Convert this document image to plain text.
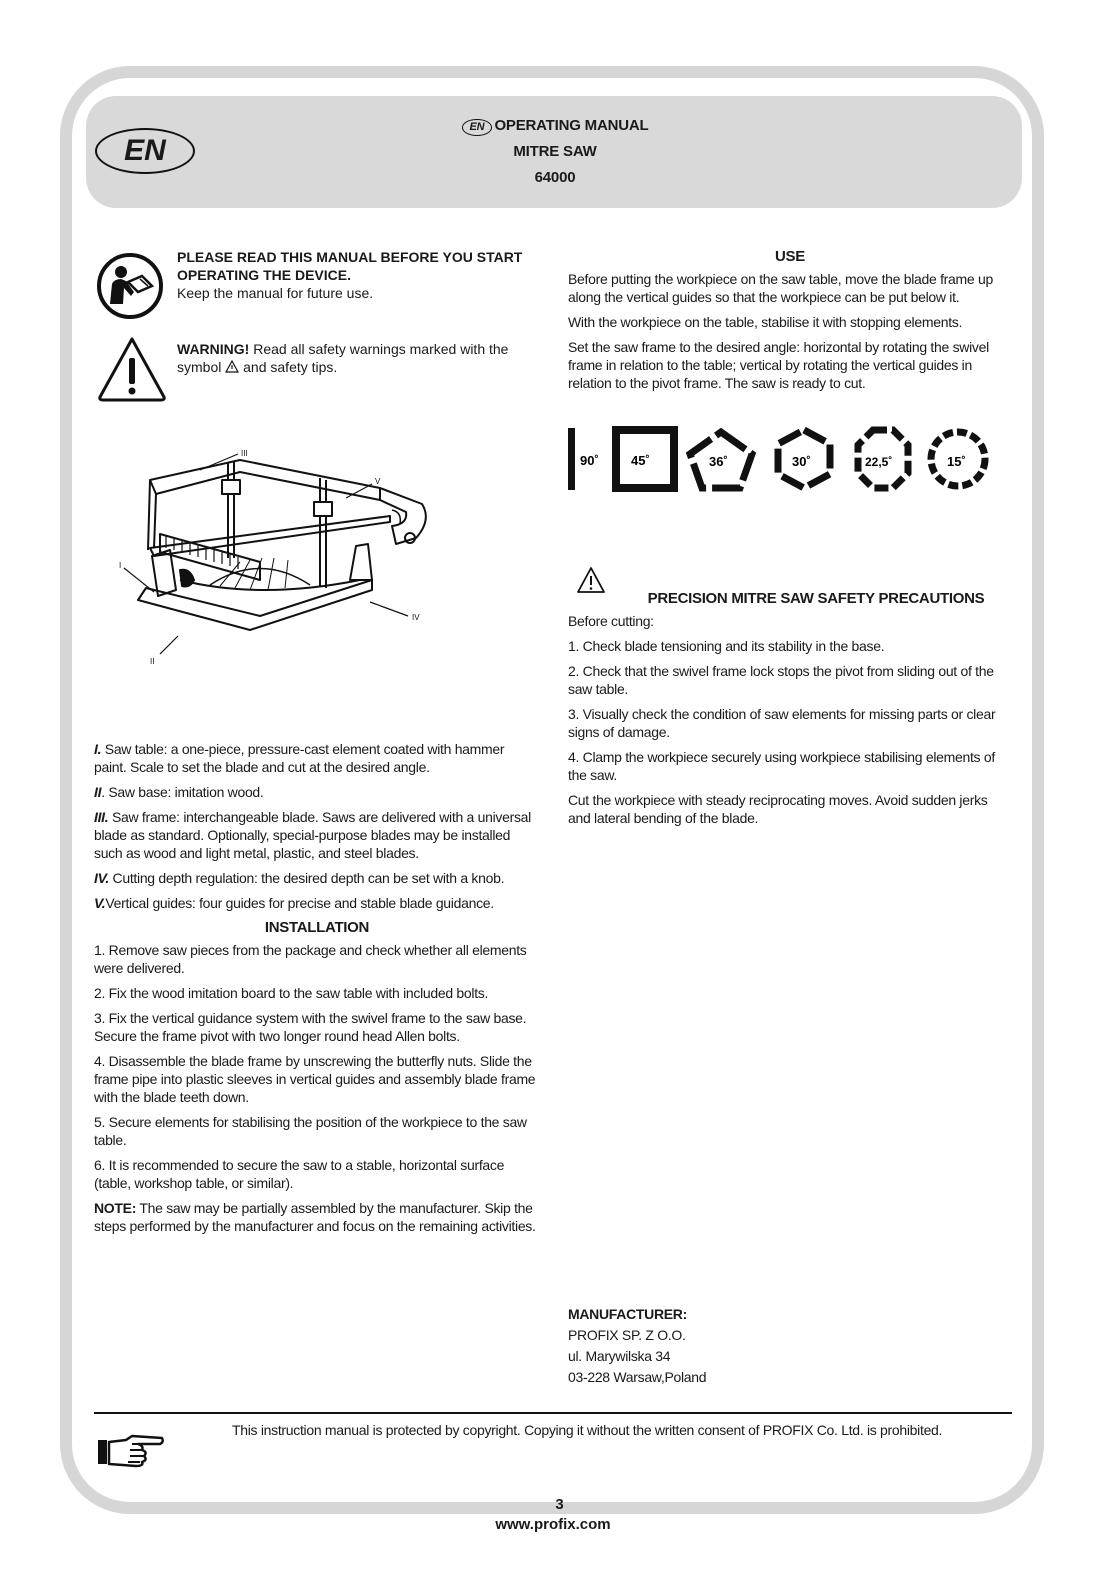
EN
EN OPERATING MANUAL
MITRE SAW
64000
PLEASE READ THIS MANUAL BEFORE YOU START OPERATING THE DEVICE.
Keep the manual for future use.
WARNING! Read all safety warnings marked with the symbol and safety tips.
III
V
I
II
IV

I. Saw table: a one-piece, pressure-cast element coated with hammer paint. Scale to set the blade and cut at the desired angle.

II. Saw base: imitation wood.

III. Saw frame: interchangeable blade. Saws are delivered with a universal blade as standard. Optionally, special-purpose blades may be installed such as wood and light metal, plastic, and steel blades.

IV. Cutting depth regulation: the desired depth can be set with a knob.

V.Vertical guides: four guides for precise and stable blade guidance.

INSTALLATION

1. Remove saw pieces from the package and check whether all elements were delivered.

2. Fix the wood imitation board to the saw table with included bolts.

3. Fix the vertical guidance system with the swivel frame to the saw base. Secure the frame pivot with two longer round head Allen bolts.

4. Disassemble the blade frame by unscrewing the butterfly nuts. Slide the frame pipe into plastic sleeves in vertical guides and assembly blade frame with the blade teeth down.

5. Secure elements for stabilising the position of the workpiece to the saw table.

6. It is recommended to secure the saw to a stable, horizontal surface (table, workshop table, or similar).

NOTE: The saw may be partially assembled by the manufacturer. Skip the steps performed by the manufacturer and focus on the remaining activities.

USE

Before putting the workpiece on the saw table, move the blade frame up along the vertical guides so that the workpiece can be put below it.

With the workpiece on the table, stabilise it with stopping elements.

Set the saw frame to the desired angle: horizontal by rotating the swivel frame in relation to the table; vertical by rotating the vertical guides in relation to the pivot frame. The saw is ready to cut.

90˚ 45˚	36˚	30˚	22,5˚	15˚
PRECISION MITRE SAW SAFETY PRECAUTIONS

Before cutting:

1. Check blade tensioning and its stability in the base.

2. Check that the swivel frame lock stops the pivot from sliding out of the saw table.

3. Visually check the condition of saw elements for missing parts or clear signs of damage.

4. Clamp the workpiece securely using workpiece stabilising elements of the saw.

Cut the workpiece with steady reciprocating moves. Avoid sudden jerks and lateral bending of the blade.

MANUFACTURER:
PROFIX SP. Z O.O.
ul. Marywilska 34
03-228 Warsaw,Poland
This instruction manual is protected by copyright. Copying it without the written consent of PROFIX Co. Ltd. is prohibited.
3
www.profix.com
